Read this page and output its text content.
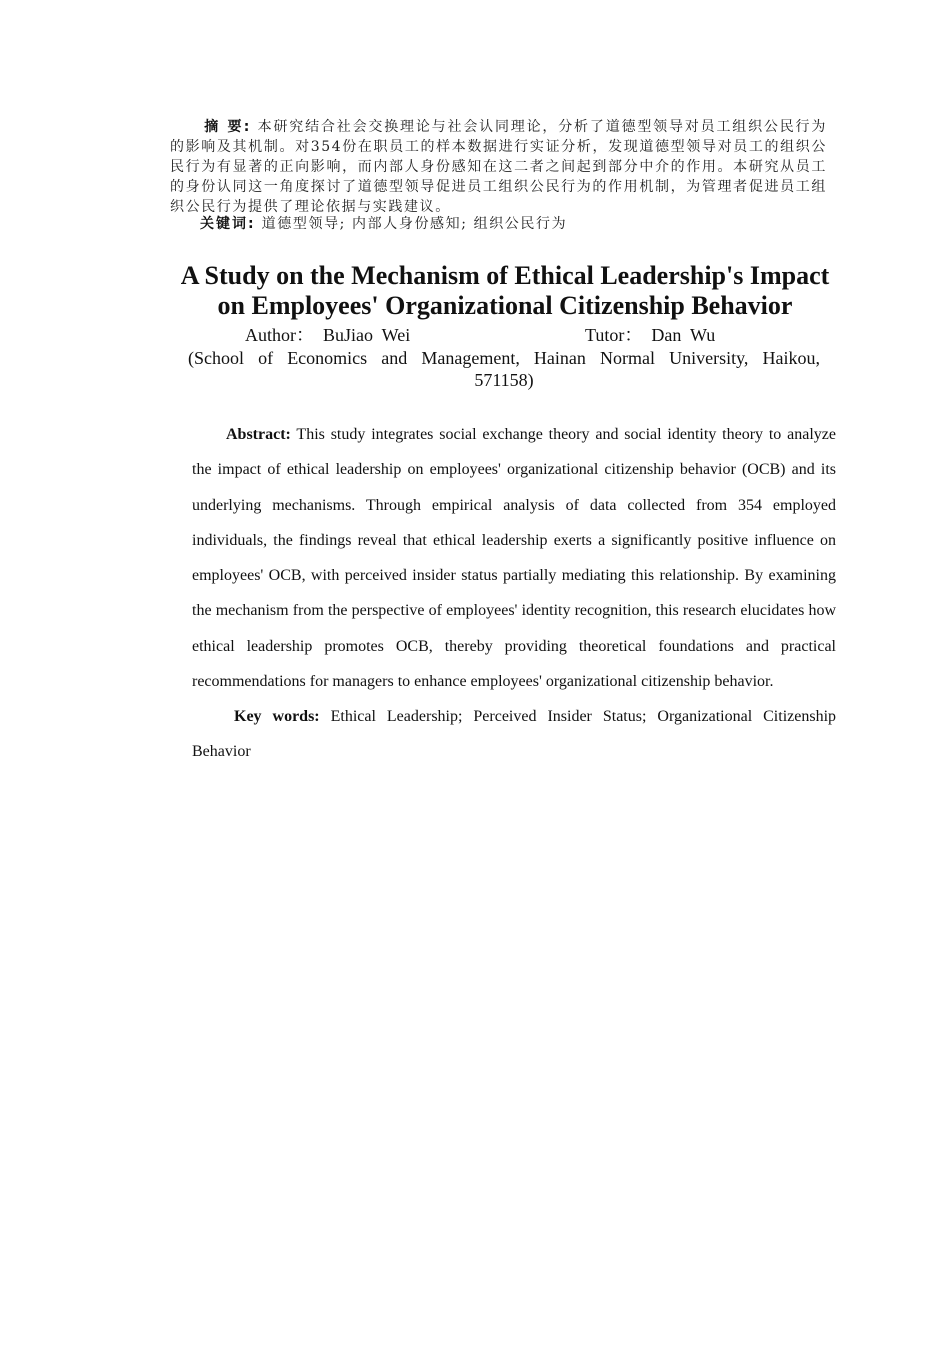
摘 要: 本研究结合社会交换理论与社会认同理论，分析了道德型领导对员工组织公民行为的影响及其机制。对354份在职员工的样本数据进行实证分析，发现道德型领导对员工的组织公民行为有显著的正向影响，而内部人身份感知在这二者之间起到部分中介的作用。本研究从员工的身份认同这一角度探讨了道德型领导促进员工组织公民行为的作用机制，为管理者促进员工组织公民行为提供了理论依据与实践建议。
关键词: 道德型领导; 内部人身份感知; 组织公民行为
A Study on the Mechanism of Ethical Leadership's Impact on Employees' Organizational Citizenship Behavior
Author：  BuJiao  Wei	Tutor：  Dan  Wu
(School of Economics and Management, Hainan Normal University, Haikou, 571158)
Abstract: This study integrates social exchange theory and social identity theory to analyze the impact of ethical leadership on employees' organizational citizenship behavior (OCB) and its underlying mechanisms. Through empirical analysis of data collected from 354 employed individuals, the findings reveal that ethical leadership exerts a significantly positive influence on employees' OCB, with perceived insider status partially mediating this relationship. By examining the mechanism from the perspective of employees' identity recognition, this research elucidates how ethical leadership promotes OCB, thereby providing theoretical foundations and practical recommendations for managers to enhance employees' organizational citizenship behavior.
Key words: Ethical Leadership; Perceived Insider Status; Organizational Citizenship Behavior
